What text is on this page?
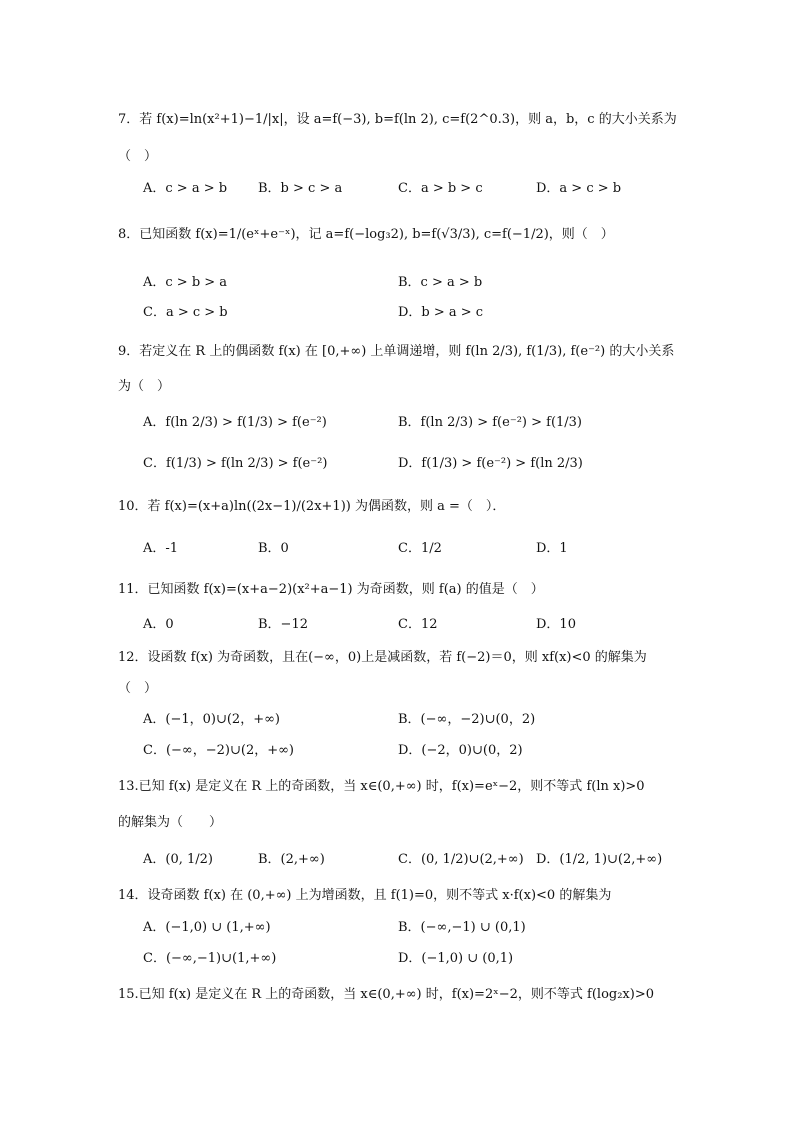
7．若 f(x)=ln(x²+1)−1/|x|，设 a=f(−3), b=f(ln 2), c=f(2^0.3)，则 a，b，c 的大小关系为
（　）
A．c > a > b B．b > c > a	C．a > b > c	D．a > c > b
8．已知函数 f(x)=1/(eˣ+e⁻ˣ)，记 a=f(−log₃2), b=f(√3/3), c=f(−1/2)，则（　）
A．c > b > a	B．c > a > b
C．a > c > b	D．b > a > c
9．若定义在 R 上的偶函数 f(x) 在 [0,+∞) 上单调递增，则 f(ln 2/3), f(1/3), f(e⁻²) 的大小关系
为（　）
A．f(ln 2/3) > f(1/3) > f(e⁻²)	B．f(ln 2/3) > f(e⁻²) > f(1/3)
C．f(1/3) > f(ln 2/3) > f(e⁻²)	D．f(1/3) > f(e⁻²) > f(ln 2/3)
10．若 f(x)=(x+a)ln((2x−1)/(2x+1)) 为偶函数，则 a =（　）．
A．-1	B．0	C．1/2	D．1
11．已知函数 f(x)=(x+a−2)(x²+a−1) 为奇函数，则 f(a) 的值是（　）
A．0	B．−12	C．12	D．10
12．设函数 f(x) 为奇函数，且在(−∞，0)上是减函数，若 f(−2)＝0，则 xf(x)<0 的解集为
（　）
A．(−1，0)∪(2，+∞)	B．(−∞，−2)∪(0，2)
C．(−∞，−2)∪(2，+∞)	D．(−2，0)∪(0，2)
13.已知 f(x) 是定义在 R 上的奇函数，当 x∈(0,+∞) 时，f(x)=eˣ−2，则不等式 f(ln x)>0
的解集为（　　）
A．(0, 1/2)	B．(2,+∞)	C．(0, 1/2)∪(2,+∞) D．(1/2, 1)∪(2,+∞)
14．设奇函数 f(x) 在 (0,+∞) 上为增函数，且 f(1)=0，则不等式 x·f(x)<0 的解集为
A．(−1,0) ∪ (1,+∞)	B．(−∞,−1) ∪ (0,1)
C．(−∞,−1)∪(1,+∞)	D．(−1,0) ∪ (0,1)
15.已知 f(x) 是定义在 R 上的奇函数，当 x∈(0,+∞) 时，f(x)=2ˣ−2，则不等式 f(log₂x)>0
